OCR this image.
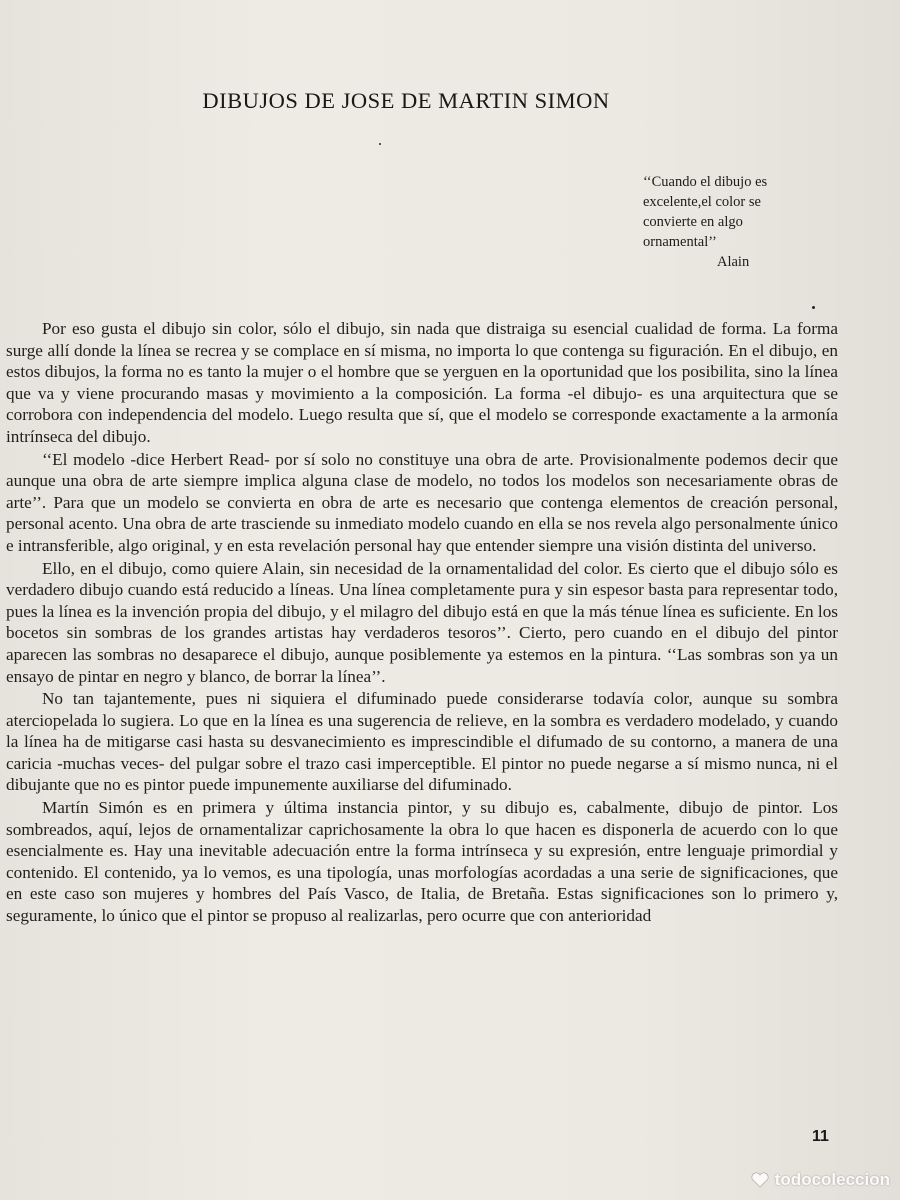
DIBUJOS DE JOSE DE MARTIN SIMON
‘‘Cuando el dibujo es
excelente,el color se
convierte en algo
ornamental’’
Alain

Por eso gusta el dibujo sin color, sólo el dibujo, sin nada que distraiga su esencial cualidad de forma. La forma surge allí donde la línea se recrea y se complace en sí misma, no importa lo que contenga su figuración. En el dibujo, en estos dibujos, la forma no es tanto la mujer o el hombre que se yerguen en la oportunidad que los posibilita, sino la línea que va y viene procurando masas y movimiento a la composición. La forma -el dibujo- es una arquitectura que se corrobora con independencia del modelo. Luego resulta que sí, que el modelo se corresponde exactamente a la armonía intrínseca del dibujo.

‘‘El modelo -dice Herbert Read- por sí solo no constituye una obra de arte. Provisionalmente podemos decir que aunque una obra de arte siempre implica alguna clase de modelo, no todos los modelos son necesariamente obras de arte’’. Para que un modelo se convierta en obra de arte es necesario que contenga elementos de creación personal, personal acento. Una obra de arte trasciende su inmediato modelo cuando en ella se nos revela algo personalmente único e intransferible, algo original, y en esta revelación personal hay que entender siempre una visión distinta del universo.

Ello, en el dibujo, como quiere Alain, sin necesidad de la ornamentalidad del color. Es cierto que el dibujo sólo es verdadero dibujo cuando está reducido a líneas. Una línea completamente pura y sin espesor basta para representar todo, pues la línea es la invención propia del dibujo, y el milagro del dibujo está en que la más ténue línea es suficiente. En los bocetos sin sombras de los grandes artistas hay verdaderos tesoros’’. Cierto, pero cuando en el dibujo del pintor aparecen las sombras no desaparece el dibujo, aunque posiblemente ya estemos en la pintura. ‘‘Las sombras son ya un ensayo de pintar en negro y blanco, de borrar la línea’’.

No tan tajantemente, pues ni siquiera el difuminado puede considerarse todavía color, aunque su sombra aterciopelada lo sugiera. Lo que en la línea es una sugerencia de relieve, en la sombra es verdadero modelado, y cuando la línea ha de mitigarse casi hasta su desvanecimiento es imprescindible el difumado de su contorno, a manera de una caricia -muchas veces- del pulgar sobre el trazo casi imperceptible. El pintor no puede negarse a sí mismo nunca, ni el dibujante que no es pintor puede impunemente auxiliarse del difuminado.

Martín Simón es en primera y última instancia pintor, y su dibujo es, cabalmente, dibujo de pintor. Los sombreados, aquí, lejos de ornamentalizar caprichosamente la obra lo que hacen es disponerla de acuerdo con lo que esencialmente es. Hay una inevitable adecuación entre la forma intrínseca y su expresión, entre lenguaje primordial y contenido. El contenido, ya lo vemos, es una tipología, unas morfologías acordadas a una serie de significaciones, que en este caso son mujeres y hombres del País Vasco, de Italia, de Bretaña. Estas significaciones son lo primero y, seguramente, lo único que el pintor se propuso al realizarlas, pero ocurre que con anterioridad

11
todocoleccion
